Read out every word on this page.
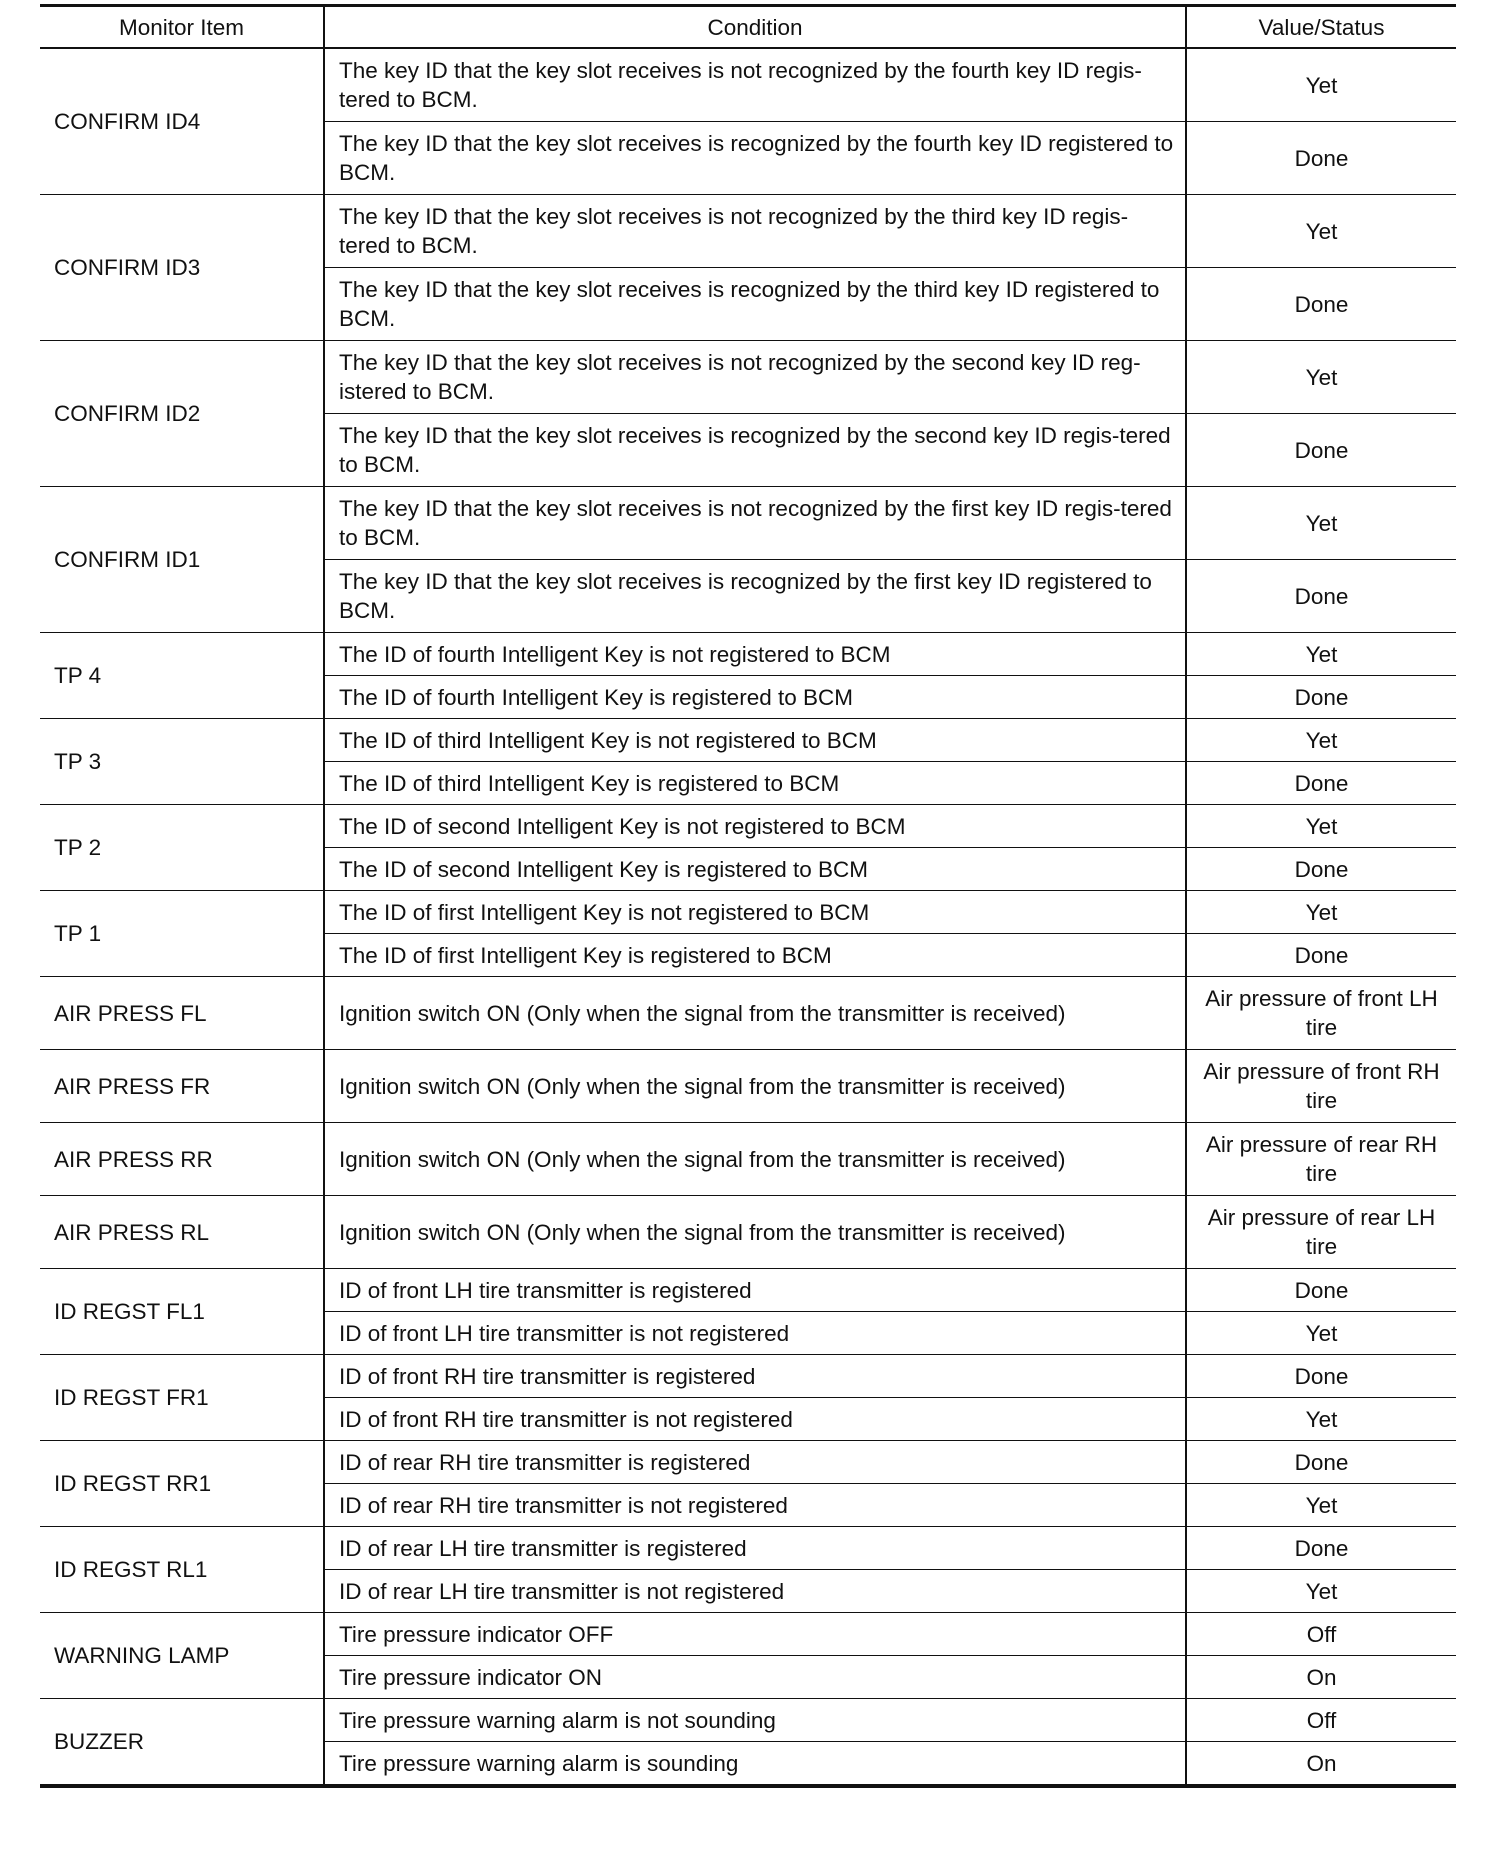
Monitor Item	Condition	Value/Status
CONFIRM ID4	The key ID that the key slot receives is not recognized by the fourth key ID regis-tered to BCM.	Yet
	The key ID that the key slot receives is recognized by the fourth key ID registered to BCM.	Done
CONFIRM ID3	The key ID that the key slot receives is not recognized by the third key ID regis-tered to BCM.	Yet
	The key ID that the key slot receives is recognized by the third key ID registered to BCM.	Done
CONFIRM ID2	The key ID that the key slot receives is not recognized by the second key ID reg-istered to BCM.	Yet
	The key ID that the key slot receives is recognized by the second key ID regis-tered to BCM.	Done
CONFIRM ID1	The key ID that the key slot receives is not recognized by the first key ID regis-tered to BCM.	Yet
	The key ID that the key slot receives is recognized by the first key ID registered to BCM.	Done
TP 4	The ID of fourth Intelligent Key is not registered to BCM	Yet
	The ID of fourth Intelligent Key is registered to BCM	Done
TP 3	The ID of third Intelligent Key is not registered to BCM	Yet
	The ID of third Intelligent Key is registered to BCM	Done
TP 2	The ID of second Intelligent Key is not registered to BCM	Yet
	The ID of second Intelligent Key is registered to BCM	Done
TP 1	The ID of first Intelligent Key is not registered to BCM	Yet
	The ID of first Intelligent Key is registered to BCM	Done
AIR PRESS FL	Ignition switch ON (Only when the signal from the transmitter is received)	Air pressure of front LH tire
AIR PRESS FR	Ignition switch ON (Only when the signal from the transmitter is received)	Air pressure of front RH tire
AIR PRESS RR	Ignition switch ON (Only when the signal from the transmitter is received)	Air pressure of rear RH tire
AIR PRESS RL	Ignition switch ON (Only when the signal from the transmitter is received)	Air pressure of rear LH tire
ID REGST FL1	ID of front LH tire transmitter is registered	Done
	ID of front LH tire transmitter is not registered	Yet
ID REGST FR1	ID of front RH tire transmitter is registered	Done
	ID of front RH tire transmitter is not registered	Yet
ID REGST RR1	ID of rear RH tire transmitter is registered	Done
	ID of rear RH tire transmitter is not registered	Yet
ID REGST RL1	ID of rear LH tire transmitter is registered	Done
	ID of rear LH tire transmitter is not registered	Yet
WARNING LAMP	Tire pressure indicator OFF	Off
	Tire pressure indicator ON	On
BUZZER	Tire pressure warning alarm is not sounding	Off
	Tire pressure warning alarm is sounding	On
